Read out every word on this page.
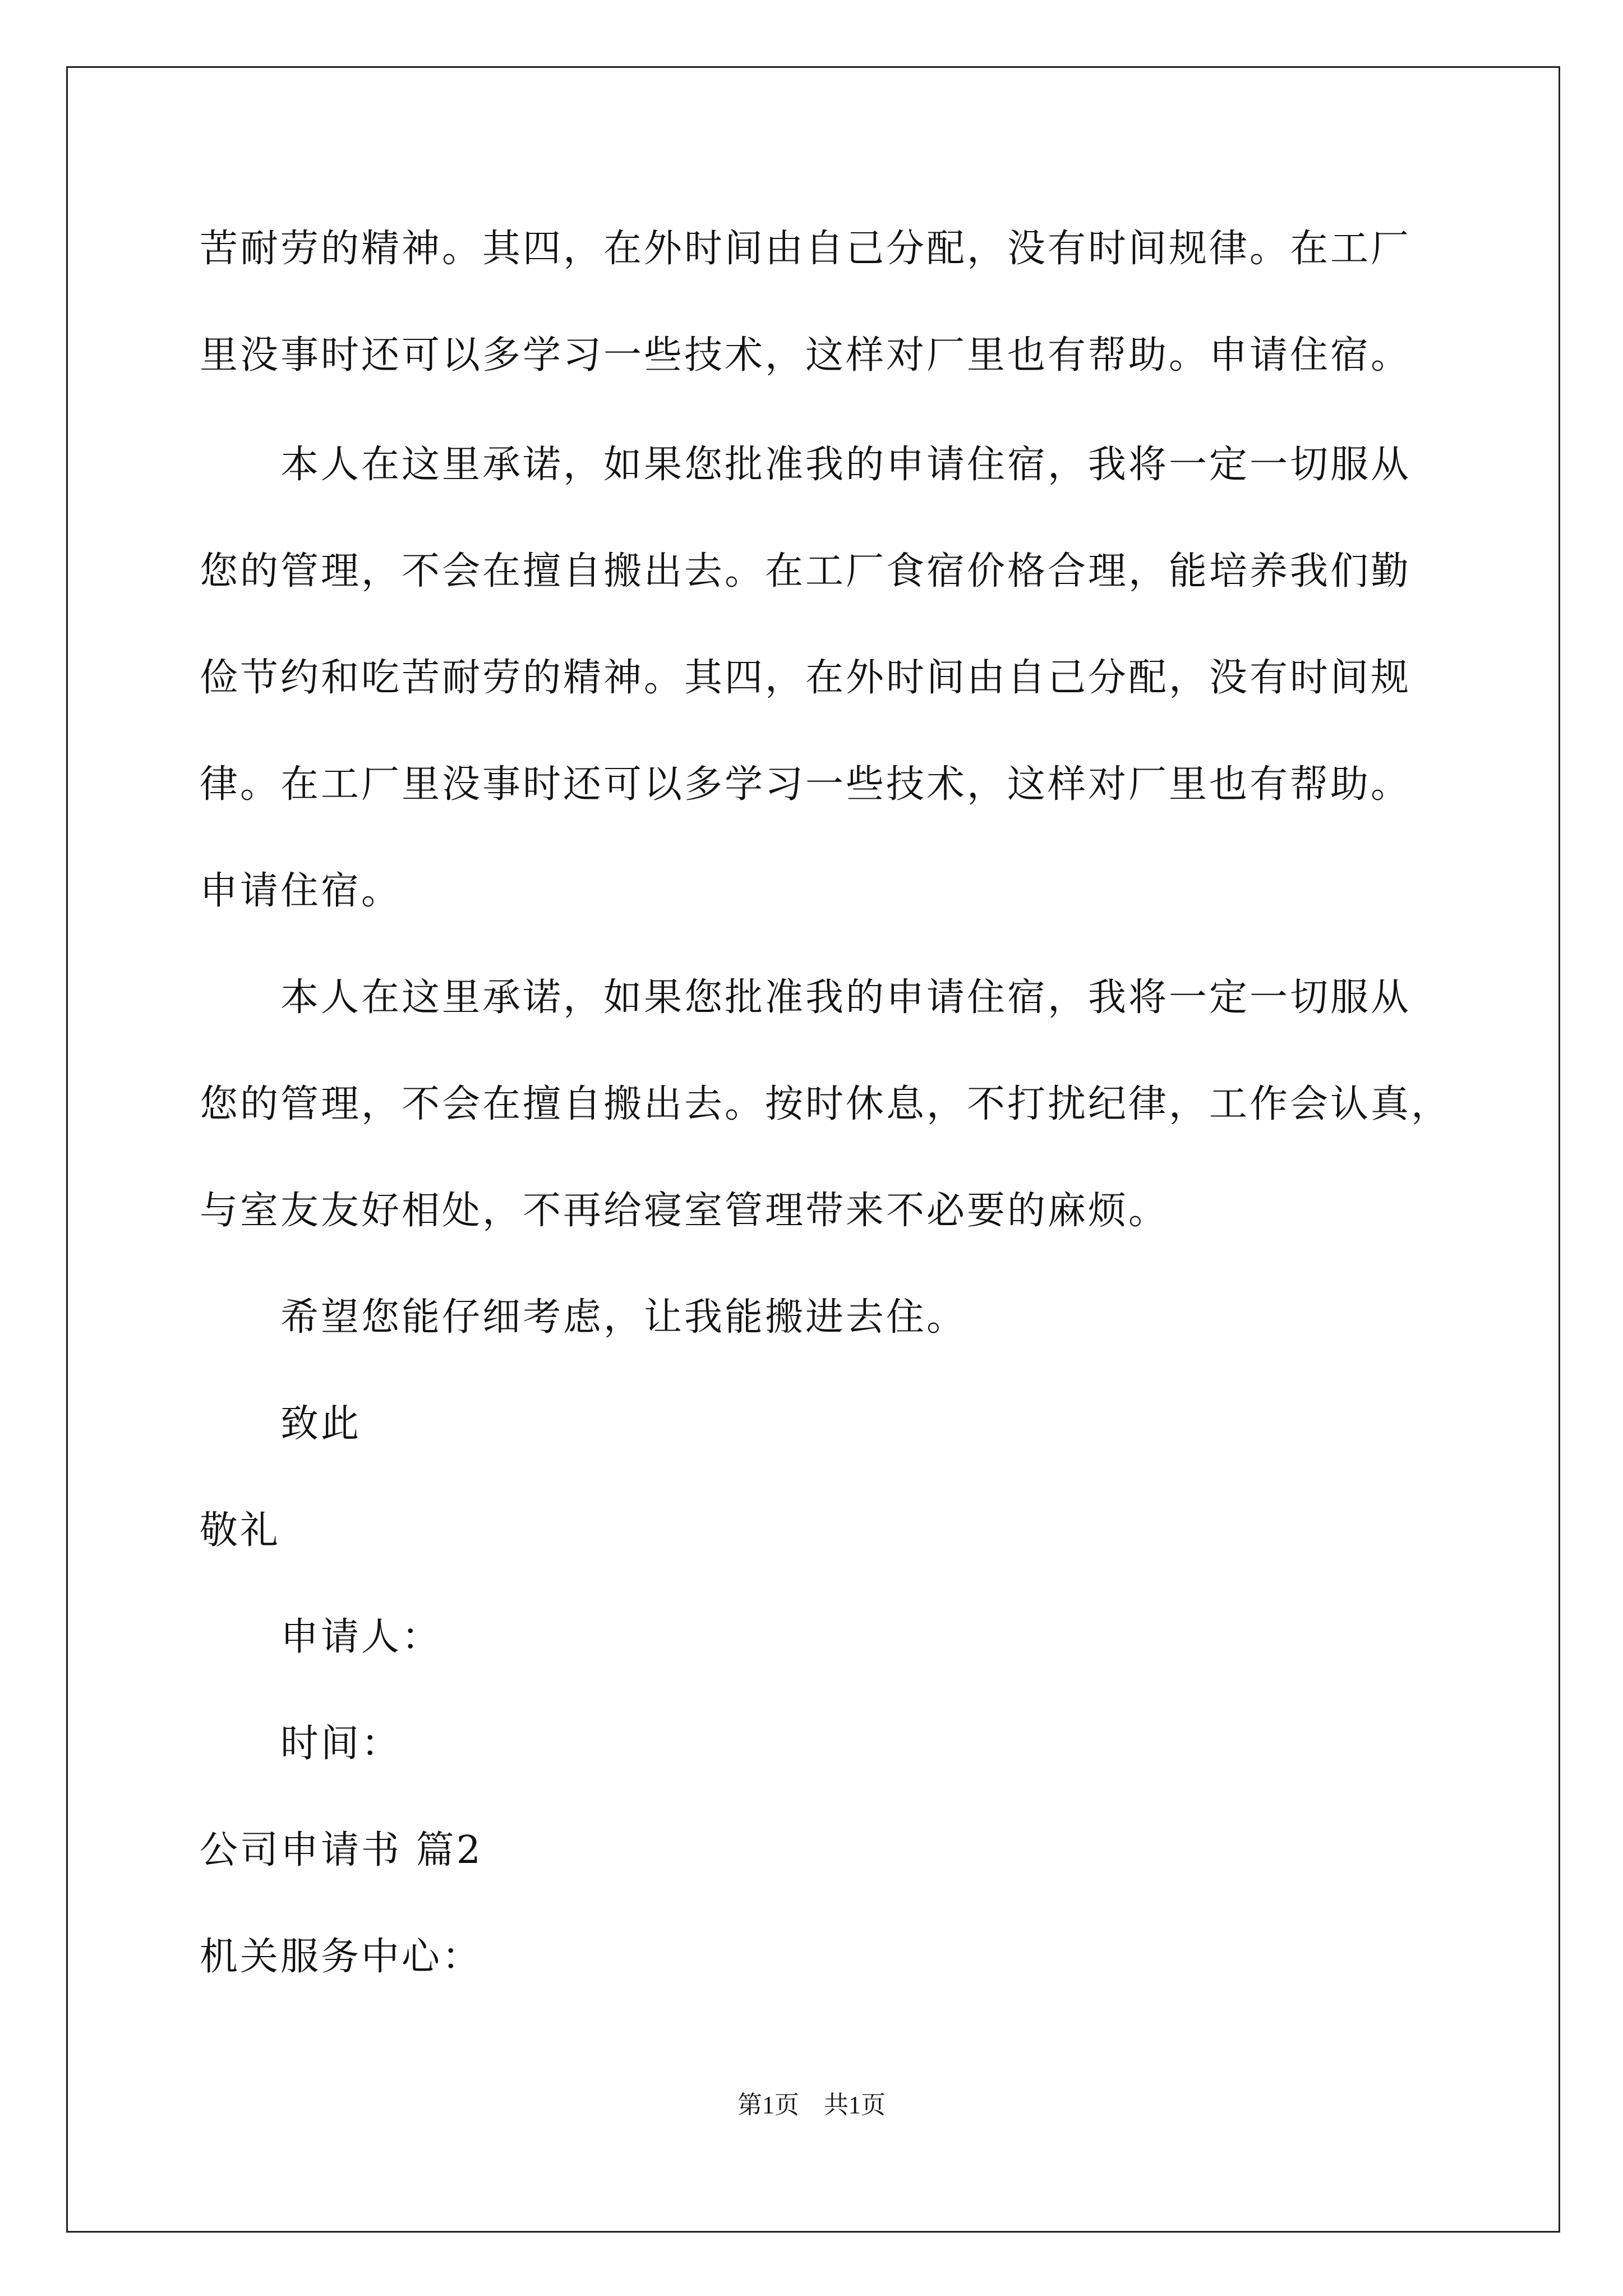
苦耐劳的精神。其四，在外时间由自己分配，没有时间规律。在工厂
里没事时还可以多学习一些技术，这样对厂里也有帮助。申请住宿。
本人在这里承诺，如果您批准我的申请住宿，我将一定一切服从
您的管理，不会在擅自搬出去。在工厂食宿价格合理，能培养我们勤
俭节约和吃苦耐劳的精神。其四，在外时间由自己分配，没有时间规
律。在工厂里没事时还可以多学习一些技术，这样对厂里也有帮助。
申请住宿。
本人在这里承诺，如果您批准我的申请住宿，我将一定一切服从
您的管理，不会在擅自搬出去。按时休息，不打扰纪律，工作会认真，
与室友友好相处，不再给寝室管理带来不必要的麻烦。
希望您能仔细考虑，让我能搬进去住。
致此
敬礼
申请人：
时间：
公司申请书 篇2
机关服务中心：
第1页　共1页
